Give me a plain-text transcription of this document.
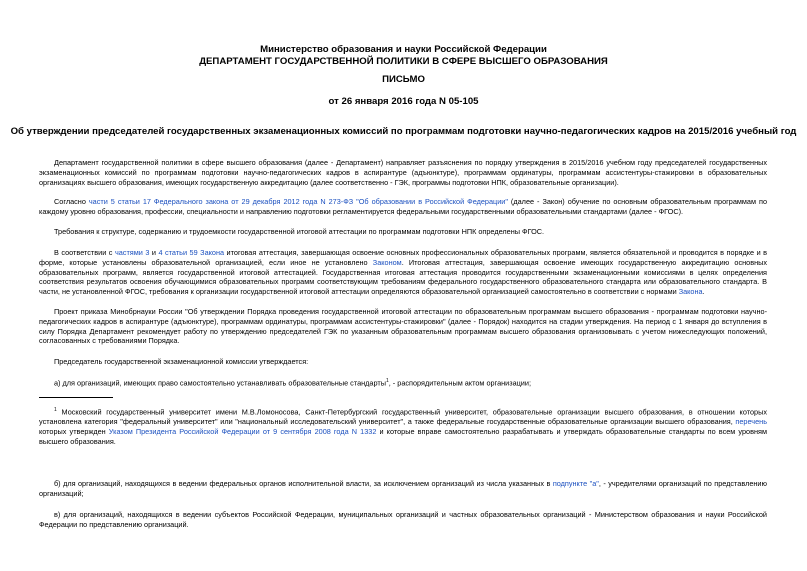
Министерство образования и науки Российской Федерации
ДЕПАРТАМЕНТ ГОСУДАРСТВЕННОЙ ПОЛИТИКИ В СФЕРЕ ВЫСШЕГО ОБРАЗОВАНИЯ
ПИСЬМО
от 26 января 2016 года N 05-105
Об утверждении председателей государственных экзаменационных комиссий по программам подготовки научно-педагогических кадров на 2015/2016 учебный год
Департамент государственной политики в сфере высшего образования (далее - Департамент) направляет разъяснения по порядку утверждения в 2015/2016 учебном году председателей государственных экзаменационных комиссий по программам подготовки научно-педагогических кадров в аспирантуре (адъюнктуре), программам ординатуры, программам ассистентуры-стажировки в образовательных организациях высшего образования, имеющих государственную аккредитацию (далее соответственно - ГЭК, программы подготовки НПК, образовательные организации).
Согласно части 5 статьи 17 Федерального закона от 29 декабря 2012 года N 273-ФЗ "Об образовании в Российской Федерации" (далее - Закон) обучение по основным образовательным программам по каждому уровню образования, профессии, специальности и направлению подготовки регламентируется федеральными государственными образовательными стандартами (далее - ФГОС).
Требования к структуре, содержанию и трудоемкости государственной итоговой аттестации по программам подготовки НПК определены ФГОС.
В соответствии с частями 3 и 4 статьи 59 Закона итоговая аттестация, завершающая освоение основных профессиональных образовательных программ, является обязательной и проводится в порядке и в форме, которые установлены образовательной организацией, если иное не установлено Законом. Итоговая аттестация, завершающая освоение имеющих государственную аккредитацию основных образовательных программ, является государственной итоговой аттестацией. Государственная итоговая аттестация проводится государственными экзаменационными комиссиями в целях определения соответствия результатов освоения обучающимися образовательных программ соответствующим требованиям федерального государственного образовательного стандарта или образовательного стандарта. В части, не установленной ФГОС, требования к организации государственной итоговой аттестации определяются образовательной организацией самостоятельно в соответствии с нормами Закона.
Проект приказа Минобрнауки России "Об утверждении Порядка проведения государственной итоговой аттестации по образовательным программам высшего образования - программам подготовки научно-педагогических кадров в аспирантуре (адъюнктуре), программам ординатуры, программам ассистентуры-стажировки" (далее - Порядок) находится на стадии утверждения. На период с 1 января до вступления в силу Порядка Департамент рекомендует работу по утверждению председателей ГЭК по указанным образовательным программам высшего образования организовывать с учетом нижеследующих положений, согласованных с требованиями Порядка.
Председатель государственной экзаменационной комиссии утверждается:
а) для организаций, имеющих право самостоятельно устанавливать образовательные стандарты$^1$, - распорядительным актом организации;
$^1$ Московский государственный университет имени М.В.Ломоносова, Санкт-Петербургский государственный университет, образовательные организации высшего образования, в отношении которых установлена категория "федеральный университет" или "национальный исследовательский университет", а также федеральные государственные образовательные организации высшего образования, перечень которых утвержден Указом Президента Российской Федерации от 9 сентября 2008 года N 1332 и которые вправе самостоятельно разрабатывать и утверждать образовательные стандарты по всем уровням высшего образования.
б) для организаций, находящихся в ведении федеральных органов исполнительной власти, за исключением организаций из числа указанных в подпункте "а", - учредителями организаций по представлению организаций;
в) для организаций, находящихся в ведении субъектов Российской Федерации, муниципальных организаций и частных образовательных организаций - Министерством образования и науки Российской Федерации по представлению организаций.
